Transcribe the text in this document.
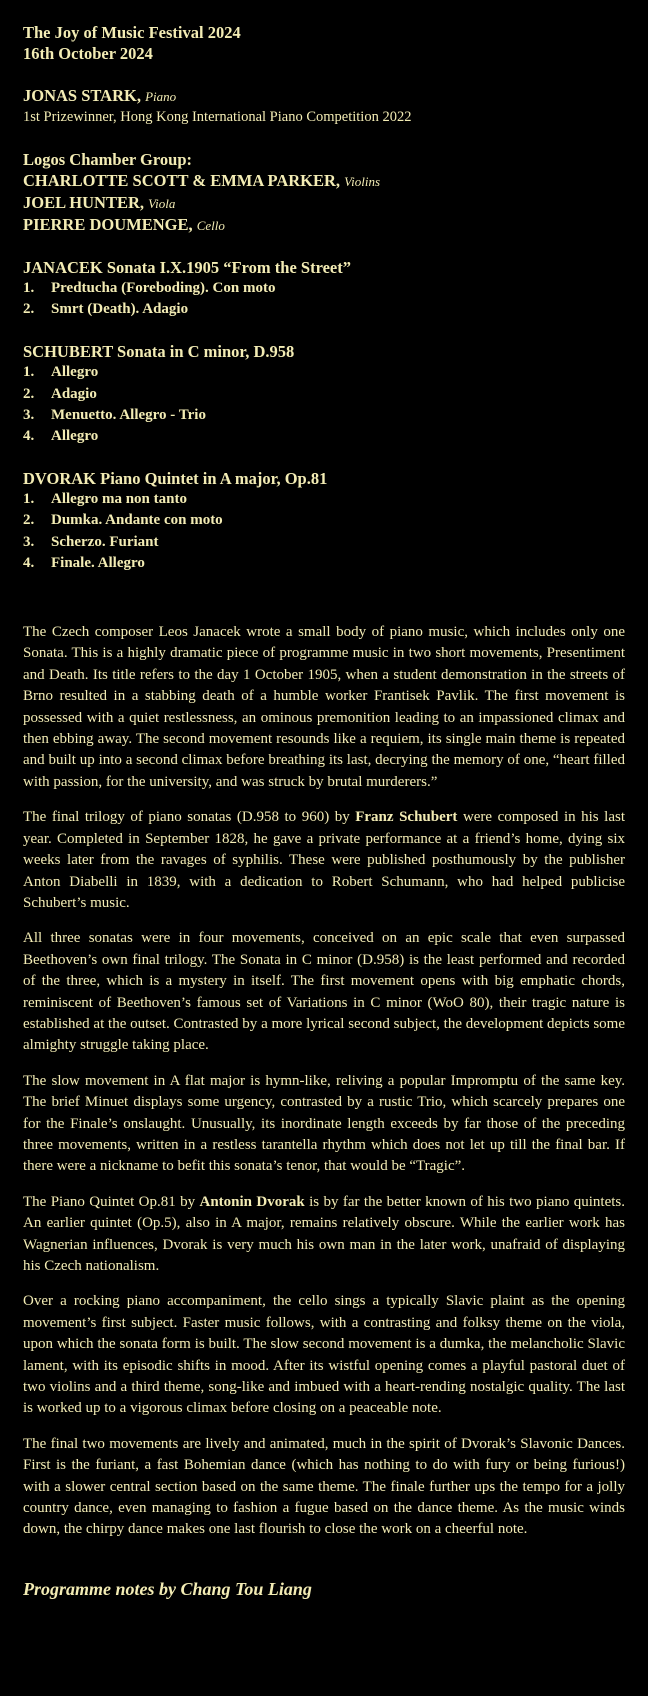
The Joy of Music Festival 2024
16th October 2024
JONAS STARK, Piano
1st Prizewinner, Hong Kong International Piano Competition 2022
Logos Chamber Group:
CHARLOTTE SCOTT & EMMA PARKER, Violins
JOEL HUNTER, Viola
PIERRE DOUMENGE, Cello
JANACEK Sonata I.X.1905 “From the Street”
1. Predtucha (Foreboding). Con moto
2. Smrt (Death). Adagio
SCHUBERT Sonata in C minor, D.958
1. Allegro
2. Adagio
3. Menuetto. Allegro - Trio
4. Allegro
DVORAK Piano Quintet in A major, Op.81
1. Allegro ma non tanto
2. Dumka. Andante con moto
3. Scherzo. Furiant
4. Finale. Allegro

The Czech composer Leos Janacek wrote a small body of piano music, which includes only one Sonata. This is a highly dramatic piece of programme music in two short movements, Presentiment and Death. Its title refers to the day 1 October 1905, when a student demonstration in the streets of Brno resulted in a stabbing death of a humble worker Frantisek Pavlik. The first movement is possessed with a quiet restlessness, an ominous premonition leading to an impassioned climax and then ebbing away. The second movement resounds like a requiem, its single main theme is repeated and built up into a second climax before breathing its last, decrying the memory of one, “heart filled with passion, for the university, and was struck by brutal murderers.”

The final trilogy of piano sonatas (D.958 to 960) by Franz Schubert were composed in his last year. Completed in September 1828, he gave a private performance at a friend’s home, dying six weeks later from the ravages of syphilis. These were published posthumously by the publisher Anton Diabelli in 1839, with a dedication to Robert Schumann, who had helped publicise Schubert’s music.

All three sonatas were in four movements, conceived on an epic scale that even surpassed Beethoven’s own final trilogy. The Sonata in C minor (D.958) is the least performed and recorded of the three, which is a mystery in itself. The first movement opens with big emphatic chords, reminiscent of Beethoven’s famous set of Variations in C minor (WoO 80), their tragic nature is established at the outset. Contrasted by a more lyrical second subject, the development depicts some almighty struggle taking place.

The slow movement in A flat major is hymn-like, reliving a popular Impromptu of the same key. The brief Minuet displays some urgency, contrasted by a rustic Trio, which scarcely prepares one for the Finale’s onslaught. Unusually, its inordinate length exceeds by far those of the preceding three movements, written in a restless tarantella rhythm which does not let up till the final bar. If there were a nickname to befit this sonata’s tenor, that would be “Tragic”.

The Piano Quintet Op.81 by Antonin Dvorak is by far the better known of his two piano quintets. An earlier quintet (Op.5), also in A major, remains relatively obscure. While the earlier work has Wagnerian influences, Dvorak is very much his own man in the later work, unafraid of displaying his Czech nationalism.

Over a rocking piano accompaniment, the cello sings a typically Slavic plaint as the opening movement’s first subject. Faster music follows, with a contrasting and folksy theme on the viola, upon which the sonata form is built. The slow second movement is a dumka, the melancholic Slavic lament, with its episodic shifts in mood. After its wistful opening comes a playful pastoral duet of two violins and a third theme, song-like and imbued with a heart-rending nostalgic quality. The last is worked up to a vigorous climax before closing on a peaceable note.

The final two movements are lively and animated, much in the spirit of Dvorak’s Slavonic Dances. First is the furiant, a fast Bohemian dance (which has nothing to do with fury or being furious!) with a slower central section based on the same theme. The finale further ups the tempo for a jolly country dance, even managing to fashion a fugue based on the dance theme. As the music winds down, the chirpy dance makes one last flourish to close the work on a cheerful note.

Programme notes by Chang Tou Liang
